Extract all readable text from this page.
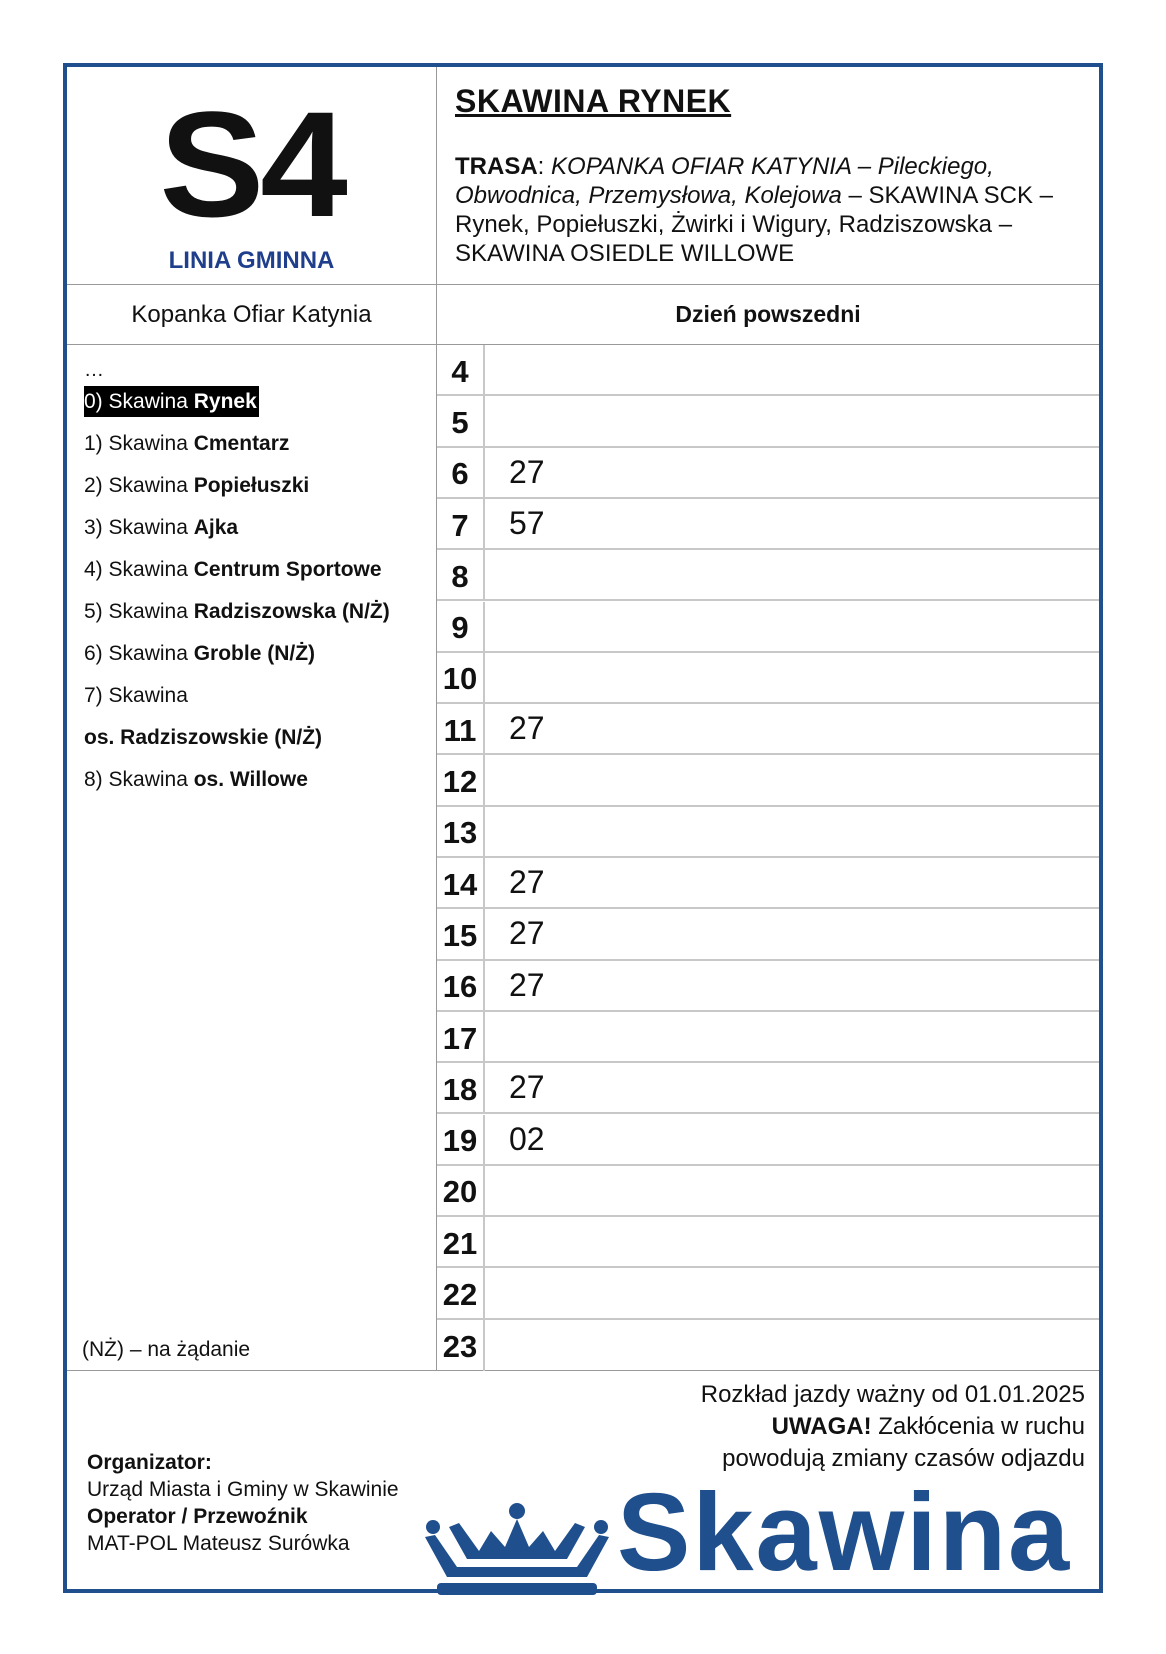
S4
LINIA GMINNA
SKAWINA RYNEK
TRASA: KOPANKA OFIAR KATYNIA – Pileckiego, Obwodnica, Przemysłowa, Kolejowa – SKAWINA SCK – Rynek, Popiełuszki, Żwirki i Wigury, Radziszowska – SKAWINA OSIEDLE WILLOWE
Kopanka Ofiar Katynia	Dzień powszedni
…
0) Skawina Rynek
1) Skawina Cmentarz
2) Skawina Popiełuszki
3) Skawina Ajka
4) Skawina Centrum Sportowe
5) Skawina Radziszowska (N/Ż)
6) Skawina Groble (N/Ż)
7) Skawina
os. Radziszowskie (N/Ż)
8) Skawina os. Willowe
(NŻ) – na żądanie
4
5
6	27
7	57
8
9
10
11	27
12
13
14 27
15 27
16 27
17
18 27
19 02
20
21
22
23
Rozkład jazdy ważny od 01.01.2025
UWAGA! Zakłócenia w ruchu
powodują zmiany czasów odjazdu
Organizator:
Urząd Miasta i Gminy w Skawinie
Operator / Przewoźnik
MAT-POL Mateusz Surówka	Skawina
